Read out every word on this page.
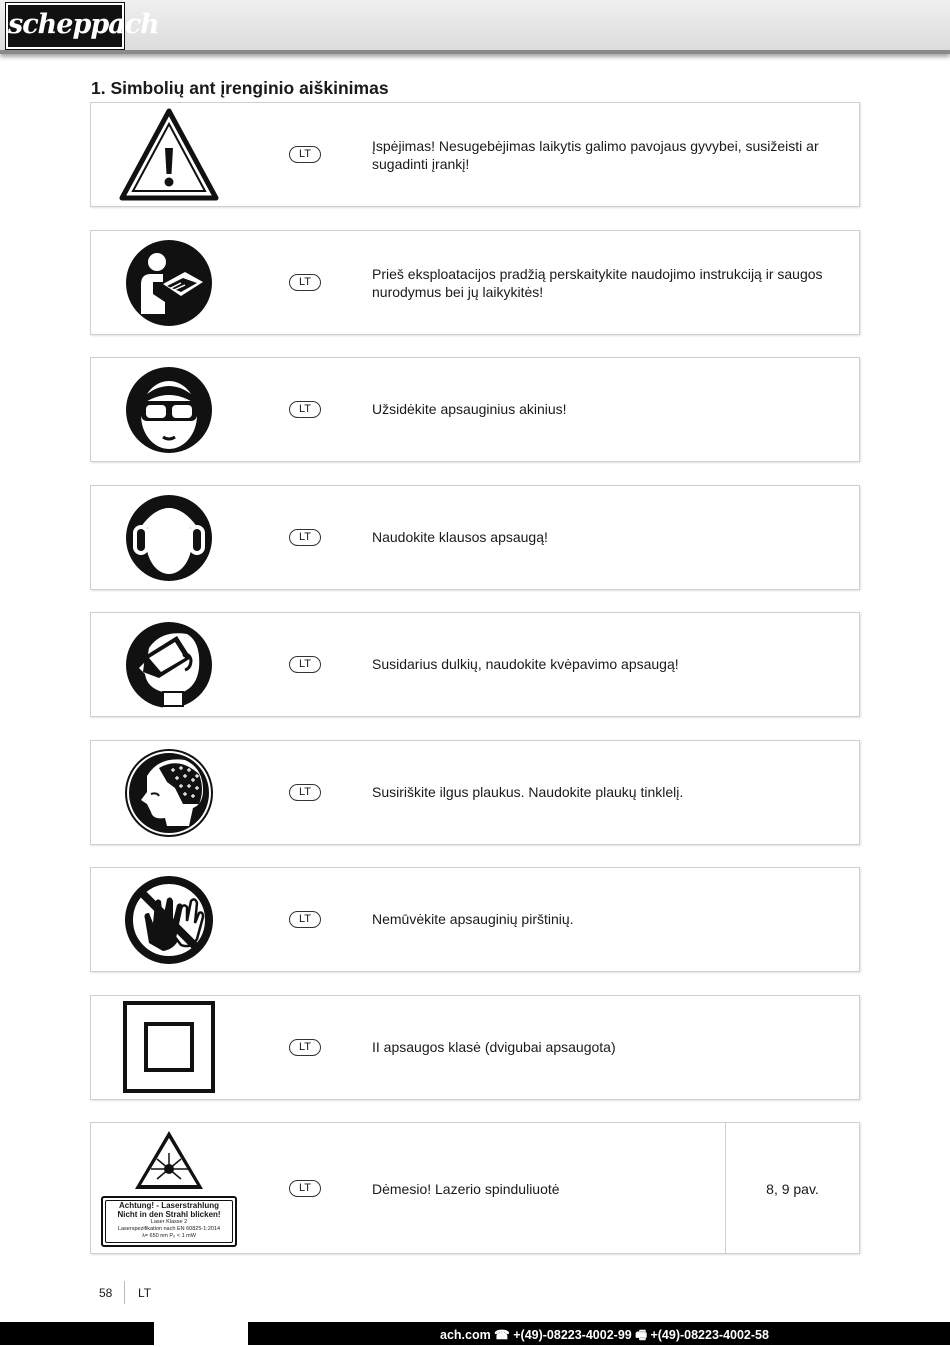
scheppach
1. Simbolių ant įrenginio aiškinimas
LT	Įspėjimas! Nesugebėjimas laikytis galimo pavojaus gyvybei, susižeisti ar sugadinti įrankį!
LT	Prieš eksploatacijos pradžią perskaitykite naudojimo instrukciją ir saugos nurodymus bei jų laikykitės!
LT	Užsidėkite apsauginius akinius!
LT	Naudokite klausos apsaugą!
LT	Susidarius dulkių, naudokite kvėpavimo apsaugą!
LT	Susiriškite ilgus plaukus. Naudokite plaukų tinklelį.
LT	Nemūvėkite apsauginių pirštinių.
LT	II apsaugos klasė (dvigubai apsaugota)
Achtung! - Laserstrahlung
Nicht in den Strahl blicken!
Laser Klasse 2
Laserspezifikation nach EN 60825-1:2014
λ= 650 nm P₀ < 1 mW
LT	Dėmesio! Lazerio spinduliuotė	8, 9 pav.
58 LT
ach.com ☎ +(49)-08223-4002-99 🖷 +(49)-08223-4002-58
